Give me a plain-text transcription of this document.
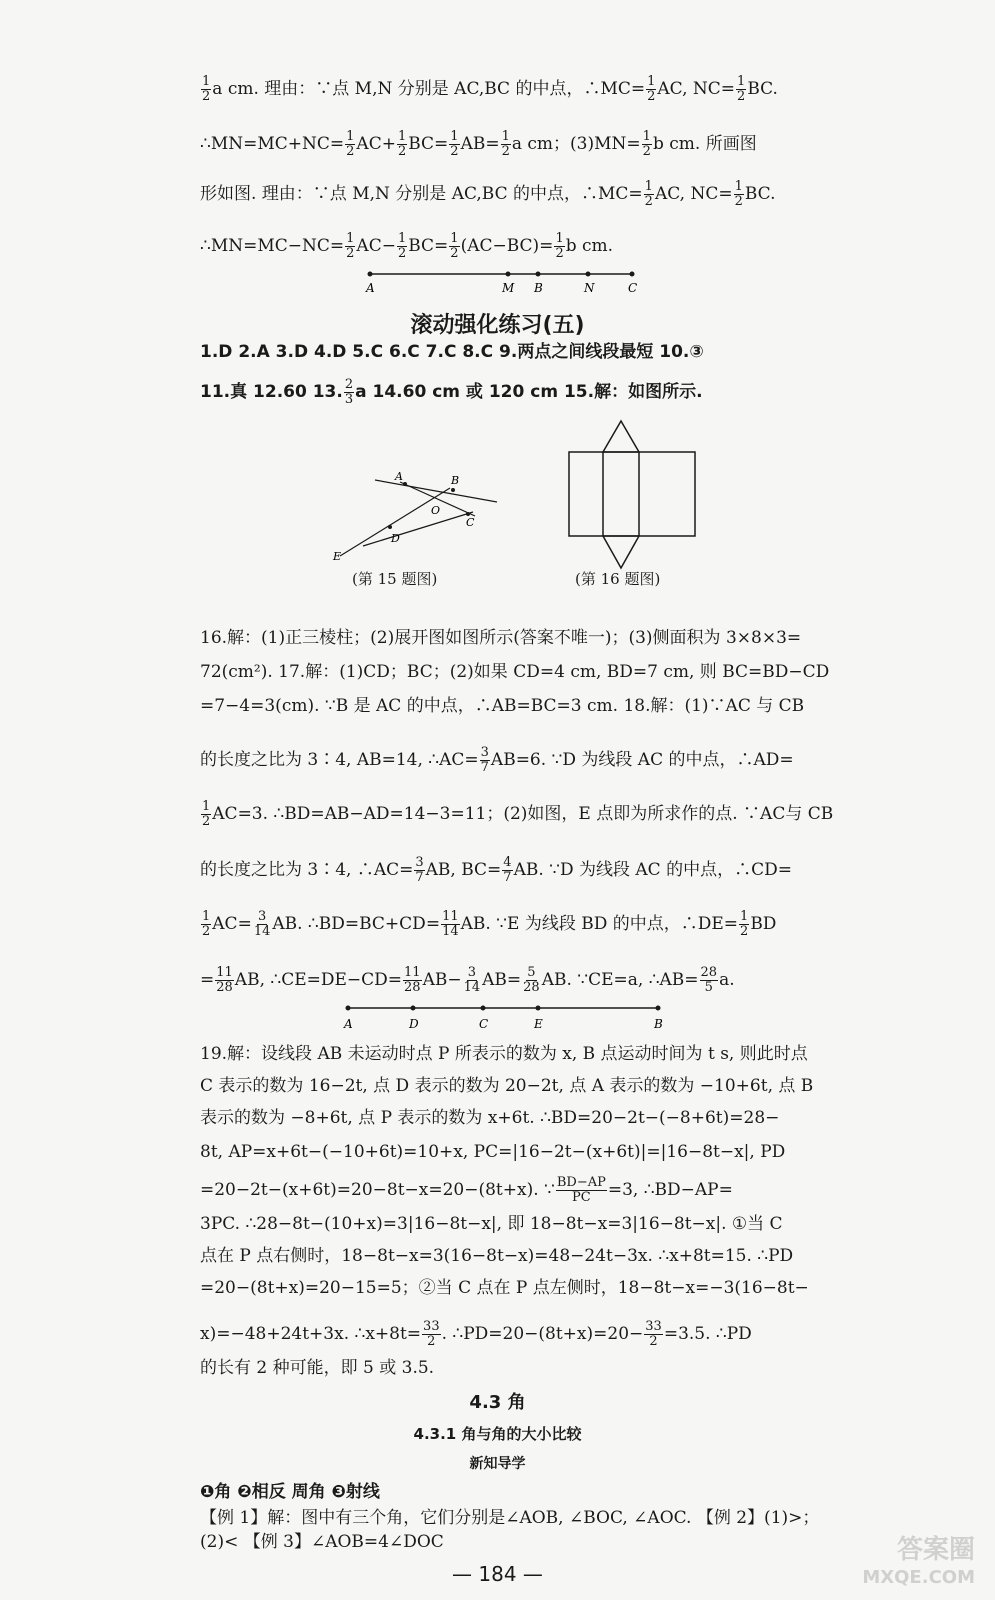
$\frac{1}{2}$ a cm. 理由：∵点 M,N 分别是 AC,BC 的中点，∴MC= $\frac{1}{2}$ AC, $NC= \frac{1}{2}$ BC.
∴MN=MC+NC= $\frac{1}{2} AC+ \frac{1}{2} BC= \frac{1}{2} AB= \frac{1}{2}$ a cm；$(3)MN= \frac{1}{2}$ b cm. 所画图
形如图. 理由：∵点 M,N 分别是 AC,BC 的中点，∴MC= $\frac{1}{2}$ AC, $NC= \frac{1}{2}$ BC.
∴MN=MC−NC= $\frac{1}{2} AC- \frac{1}{2} BC= \frac{1}{2} (AC-BC)= \frac{1}{2}$ b cm.
A	M B	N	C
滚动强化练习(五)
1.D 2.A 3.D 4.D 5.C 6.C 7.C 8.C 9.两点之间线段最短 10.③
11.真 12.60 13. $\frac{2}{3}$ a 14.60 cm 或 120 cm 15.解：如图所示.
A	B
O
C
D
E
(第 15 题图)	(第 16 题图)
16.解：(1)正三棱柱；(2)展开图如图所示(答案不唯一)；(3)侧面积为 3×8×3=
72(cm²). 17.解：(1)CD；BC；(2)如果 CD=4 cm, BD=7 cm, 则 BC=BD−CD
=7−4=3(cm). ∵B 是 AC 的中点，∴AB=BC=3 cm. 18.解：(1)∵AC 与 CB
的长度之比为 3∶4, AB=14, ∴AC= $\frac{3}{7} AB=6$. ∵D 为线段 AC 的中点，∴AD=
$\frac{1}{2} AC=3$. ∴BD=AB−AD=14−3=11；(2)如图，E 点即为所求作的点. ∵AC与 CB
的长度之比为 3∶4, ∴AC= $\frac{3}{7}$ AB, $BC= \frac{4}{7}$ AB. ∵D 为线段 AC 的中点，∴CD=
$\frac{1}{2} AC= \frac{3}{14}$ AB. ∴BD=BC+CD= $\frac{11}{14}$ AB. ∵E 为线段 BD 的中点，∴DE= $\frac{1}{2}$ BD
= $\frac{11}{28}$ AB, ∴CE=DE−CD= $\frac{11}{28} AB- \frac{3}{14} AB= \frac{5}{28}$ AB. ∵CE=a, ∴AB= $\frac{28}{5} a$.
A	D	C	E	B
19.解：设线段 AB 未运动时点 P 所表示的数为 x, B 点运动时间为 t s, 则此时点
C 表示的数为 16−2t, 点 D 表示的数为 20−2t, 点 A 表示的数为 −10+6t, 点 B
表示的数为 −8+6t, 点 P 表示的数为 x+6t. ∴BD=20−2t−(−8+6t)=28−
8t, AP=x+6t−(−10+6t)=10+x, PC=|16−2t−(x+6t)|=|16−8t−x|, PD
=20−2t−(x+6t)=20−8t−x=20−(8t+x). ∵ $\frac{BD-AP}{PC} =3$, ∴BD−AP=
3PC. ∴28−8t−(10+x)=3|16−8t−x|, 即 18−8t−x=3|16−8t−x|. ①当 C
点在 P 点右侧时，18−8t−x=3(16−8t−x)=48−24t−3x. ∴x+8t=15. ∴PD
=20−(8t+x)=20−15=5；②当 C 点在 P 点左侧时，18−8t−x=−3(16−8t−
x)=−48+24t+3x. ∴x+8t= $\frac{33}{2}$ . ∴PD=20−(8t+x)=20− $\frac{33}{2} =3.5$. ∴PD
的长有 2 种可能，即 5 或 3.5.
4.3 角
4.3.1 角与角的大小比较
新知导学
❶角 ❷相反 周角 ❸射线
【例 1】解：图中有三个角，它们分别是∠AOB, ∠BOC, ∠AOC. 【例 2】(1)>；
(2)< 【例 3】∠AOB=4∠DOC
— 184 —
答案圈
MXQE.COM
